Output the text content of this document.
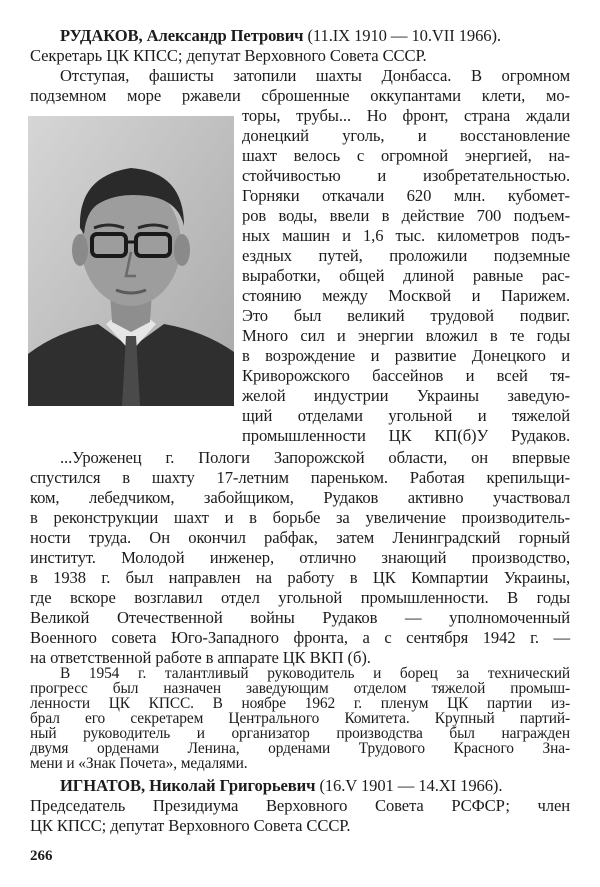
РУДАКОВ, Александр Петрович (11.IX 1910 — 10.VII 1966).
Секретарь ЦК КПСС; депутат Верховного Совета СССР.
Отступая, фашисты затопили шахты Донбасса. В огромном
подземном море ржавели сброшенные оккупантами клети, мо-
торы, трубы... Но фронт, страна ждали
донецкий уголь, и восстановление
шахт велось с огромной энергией, на-
стойчивостью и изобретательностью.
Горняки откачали 620 млн. кубомет-
ров воды, ввели в действие 700 подъем-
ных машин и 1,6 тыс. километров подъ-
ездных путей, проложили подземные
выработки, общей длиной равные рас-
стоянию между Москвой и Парижем.
Это был великий трудовой подвиг.
Много сил и энергии вложил в те годы
в возрождение и развитие Донецкого и
Криворожского бассейнов и всей тя-
желой индустрии Украины заведую-
щий отделами угольной и тяжелой
промышленности ЦК КП(б)У Рудаков.
...Уроженец г. Пологи Запорожской области, он впервые
спустился в шахту 17-летним пареньком. Работая крепильщи-
ком, лебедчиком, забойщиком, Рудаков активно участвовал
в реконструкции шахт и в борьбе за увеличение производитель-
ности труда. Он окончил рабфак, затем Ленинградский горный
институт. Молодой инженер, отлично знающий производство,
в 1938 г. был направлен на работу в ЦК Компартии Украины,
где вскоре возглавил отдел угольной промышленности. В годы
Великой Отечественной войны Рудаков — уполномоченный
Военного совета Юго-Западного фронта, а с сентября 1942 г. —
на ответственной работе в аппарате ЦК ВКП (б).
В 1954 г. талантливый руководитель и борец за технический
прогресс был назначен заведующим отделом тяжелой промыш-
ленности ЦК КПСС. В ноябре 1962 г. пленум ЦК партии из-
брал его секретарем Центрального Комитета. Крупный партий-
ный руководитель и организатор производства был награжден
двумя орденами Ленина, орденами Трудового Красного Зна-
мени и «Знак Почета», медалями.
ИГНАТОВ, Николай Григорьевич (16.V 1901 — 14.XI 1966).
266
Председатель Президиума Верховного Совета РСФСР; член
ЦК КПСС; депутат Верховного Совета СССР.
